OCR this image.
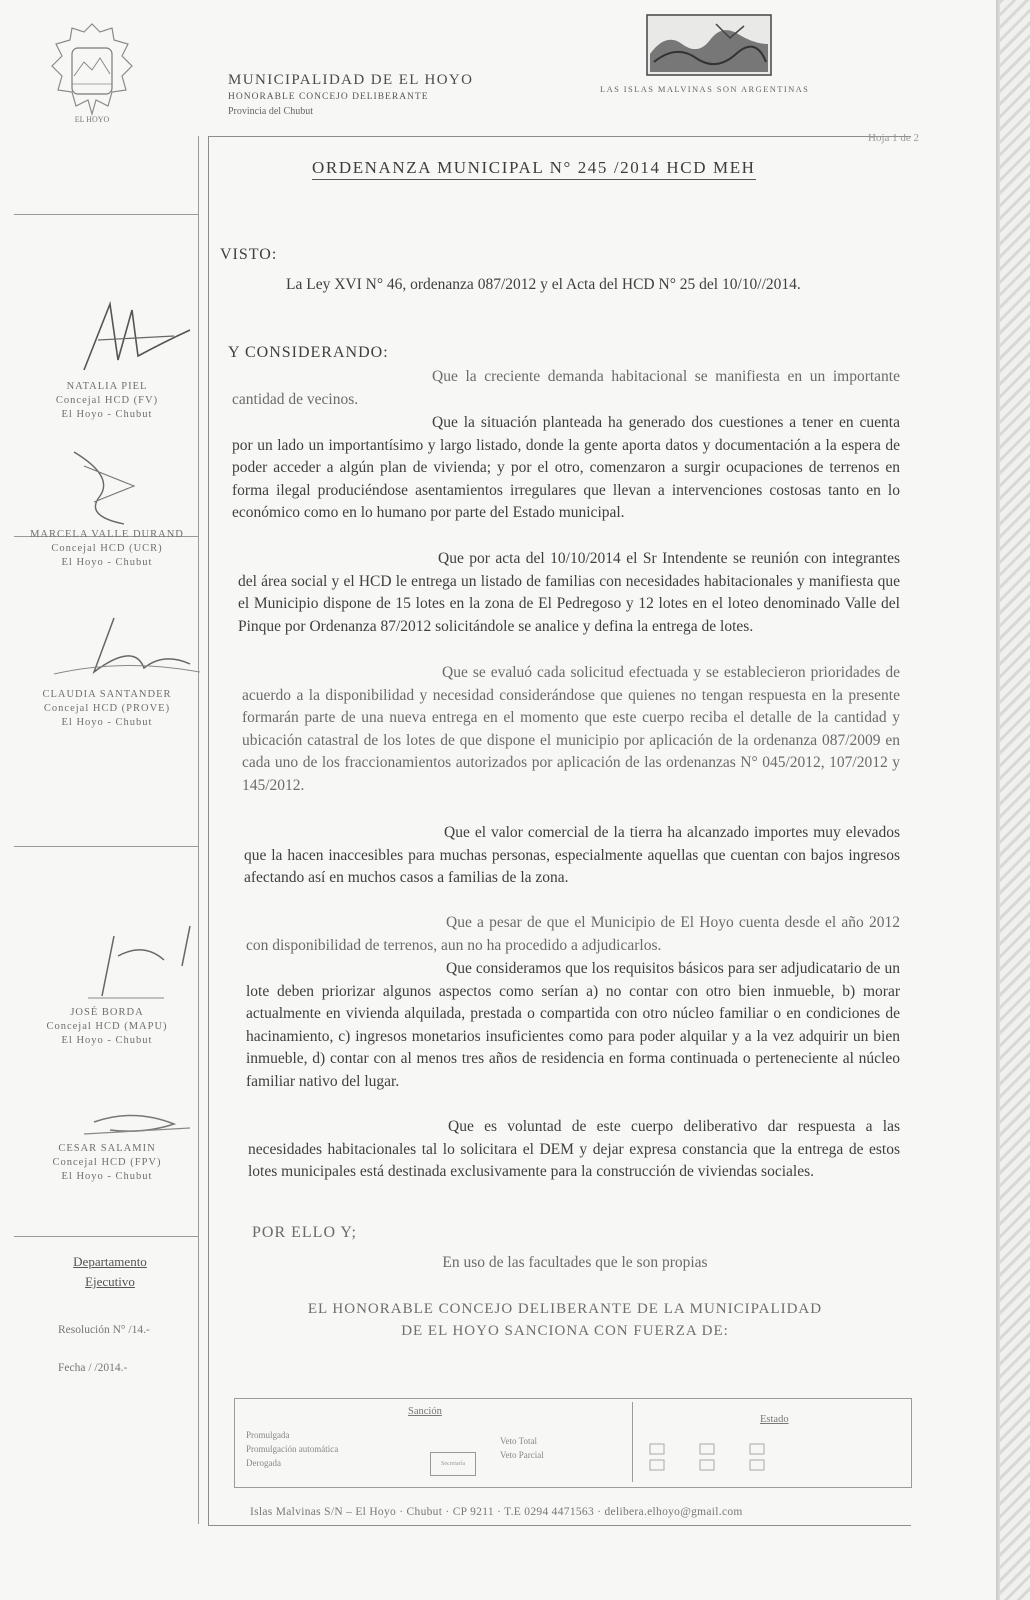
EL HOYO
MUNICIPALIDAD DE EL HOYO
HONORABLE CONCEJO DELIBERANTE
Provincia del Chubut
LAS ISLAS MALVINAS SON ARGENTINAS
Hoja 1 de 2
ORDENANZA MUNICIPAL N° 245 /2014 HCD MEH
VISTO:
La Ley XVI N° 46, ordenanza 087/2012 y el Acta del HCD N° 25 del 10/10//2014.
Y CONSIDERANDO:
Que la creciente demanda habitacional se manifiesta en un importante cantidad de vecinos.
Que la situación planteada ha generado dos cuestiones a tener en cuenta por un lado un importantísimo y largo listado, donde la gente aporta datos y documentación a la espera de poder acceder a algún plan de vivienda; y por el otro, comenzaron a surgir ocupaciones de terrenos en forma ilegal produciéndose asentamientos irregulares que llevan a intervenciones costosas tanto en lo económico como en lo humano por parte del Estado municipal.
Que por acta del 10/10/2014 el Sr Intendente se reunión con integrantes del área social y el HCD le entrega un listado de familias con necesidades habitacionales y manifiesta que el Municipio dispone de 15 lotes en la zona de El Pedregoso y 12 lotes en el loteo denominado Valle del Pinque por Ordenanza 87/2012 solicitándole se analice y defina la entrega de lotes.
Que se evaluó cada solicitud efectuada y se establecieron prioridades de acuerdo a la disponibilidad y necesidad considerándose que quienes no tengan respuesta en la presente formarán parte de una nueva entrega en el momento que este cuerpo reciba el detalle de la cantidad y ubicación catastral de los lotes de que dispone el municipio por aplicación de la ordenanza 087/2009 en cada uno de los fraccionamientos autorizados por aplicación de las ordenanzas N° 045/2012, 107/2012 y 145/2012.
Que el valor comercial de la tierra ha alcanzado importes muy elevados que la hacen inaccesibles para muchas personas, especialmente aquellas que cuentan con bajos ingresos afectando así en muchos casos a familias de la zona.
Que a pesar de que el Municipio de El Hoyo cuenta desde el año 2012 con disponibilidad de terrenos, aun no ha procedido a adjudicarlos.
Que consideramos que los requisitos básicos para ser adjudicatario de un lote deben priorizar algunos aspectos como serían a) no contar con otro bien inmueble, b) morar actualmente en vivienda alquilada, prestada o compartida con otro núcleo familiar o en condiciones de hacinamiento, c) ingresos monetarios insuficientes como para poder alquilar y a la vez adquirir un bien inmueble, d) contar con al menos tres años de residencia en forma continuada o perteneciente al núcleo familiar nativo del lugar.
Que es voluntad de este cuerpo deliberativo dar respuesta a las necesidades habitacionales tal lo solicitara el DEM y dejar expresa constancia que la entrega de estos lotes municipales está destinada exclusivamente para la construcción de viviendas sociales.
POR ELLO Y;
En uso de las facultades que le son propias
EL HONORABLE CONCEJO DELIBERANTE DE LA MUNICIPALIDAD
DE EL HOYO SANCIONA CON FUERZA DE:
NATALIA PIEL
Concejal HCD (FV)
El Hoyo - Chubut
MARCELA VALLE DURAND
Concejal HCD (UCR)
El Hoyo - Chubut
CLAUDIA SANTANDER
Concejal HCD (PROVE)
El Hoyo - Chubut
JOSÉ BORDA
Concejal HCD (MAPU)
El Hoyo - Chubut
CESAR SALAMIN
Concejal HCD (FPV)
El Hoyo - Chubut
Departamento
Ejecutivo
Resolución N° /14.-
Fecha / /2014.-
Sanción
Estado
Promulgada
Promulgación automática
Derogada
Veto Total
Veto Parcial
Secretaría
Islas Malvinas S/N – El Hoyo · Chubut · CP 9211 · T.E 0294 4471563 · delibera.elhoyo@gmail.com
